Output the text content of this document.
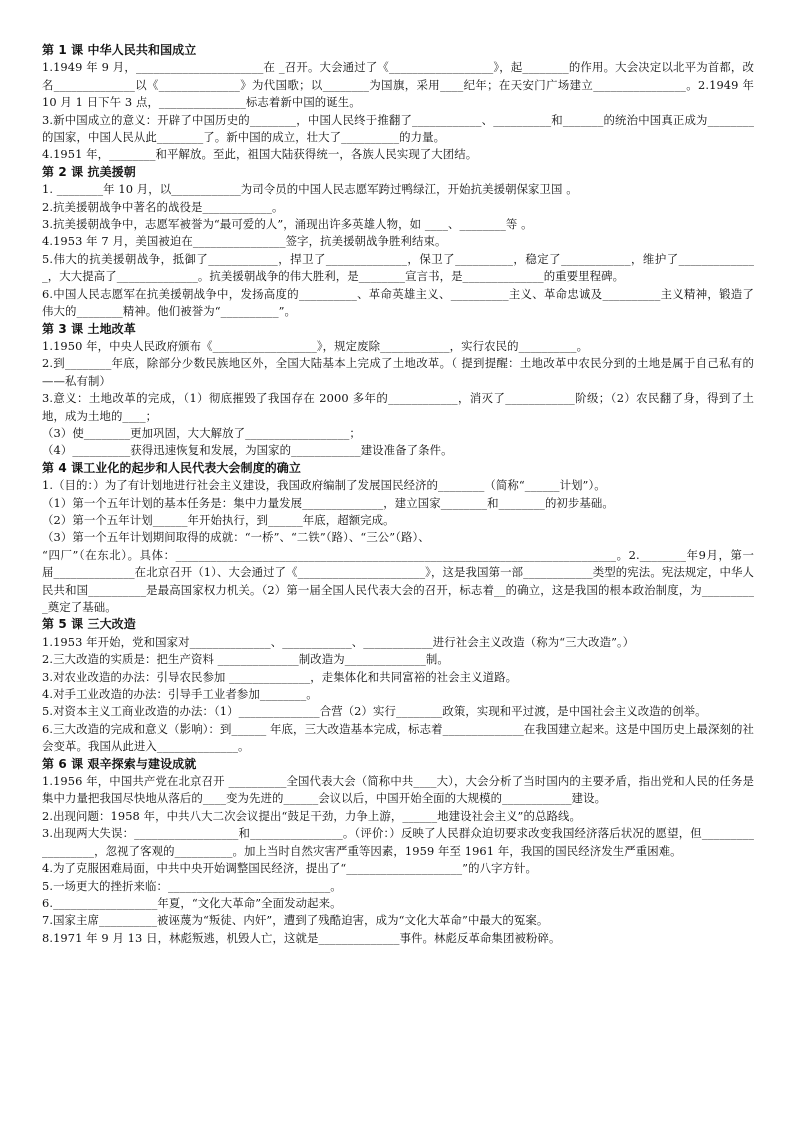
第 1 课 中华人民共和国成立

1.1949 年 9 月，______________________在 _召开。大会通过了《__________________》，起________的作用。大会决定以北平为首都，改名______________以《______________》为代国歌；以________为国旗，采用____纪年；在天安门广场建立________________。2.1949 年 10 月 1 日下午 3 点，_______________标志着新中国的诞生。

3.新中国成立的意义：开辟了中国历史的________，中国人民终于推翻了____________、__________和_______的统治中国真正成为________的国家，中国人民从此________了。新中国的成立，壮大了__________的力量。

4.1951 年，________和平解放。至此，祖国大陆获得统一，各族人民实现了大团结。

第 2 课 抗美援朝

1. ________年 10 月，以____________为司令员的中国人民志愿军跨过鸭绿江，开始抗美援朝保家卫国 。

2.抗美援朝战争中著名的战役是____________。

3.抗美援朝战争中，志愿军被誉为“最可爱的人”，涌现出许多英雄人物，如 ____、________等 。

4.1953 年 7 月，美国被迫在________________签字，抗美援朝战争胜利结束。

5.伟大的抗美援朝战争，抵御了____________，捍卫了______________，保卫了__________，稳定了____________，维护了______________，大大提高了______________。抗美援朝战争的伟大胜利，是________宣言书，是______________的重要里程碑。

6.中国人民志愿军在抗美援朝战争中，发扬高度的__________、革命英雄主义、__________主义、革命忠诚及__________主义精神，锻造了伟大的________精神。他们被誉为“__________”。

第 3 课 土地改革

1.1950 年，中央人民政府颁布《__________________》，规定废除____________，实行农民的__________。

2.到________年底，除部分少数民族地区外，全国大陆基本上完成了土地改革。（ 提到提醒：土地改革中农民分到的土地是属于自己私有的——私有制）

3.意义：土地改革的完成，（1）彻底摧毁了我国存在 2000 多年的____________，消灭了____________阶级；（2）农民翻了身，得到了土地，成为土地的____；

（3）使________更加巩固，大大解放了__________________；

（4）__________获得迅速恢复和发展，为国家的____________建设准备了条件。

第 4 课工业化的起步和人民代表大会制度的确立

1.（目的：）为了有计划地进行社会主义建设，我国政府编制了发展国民经济的________（简称“______计划”）。

（1）第一个五年计划的基本任务是：集中力量发展______________，建立国家________和________的初步基础。

（2）第一个五年计划______年开始执行，到______年底，超额完成。

（3）第一个五年计划期间取得的成就：“一桥”、“二铁”（路）、“三公”（路）、

“四厂”（在东北）。具体：____________________________________________________________________________。2.________年9月，第一届______________在北京召开（1）、大会通过了《______________________》，这是我国第一部____________类型的宪法。宪法规定，中华人民共和国__________是最高国家权力机关。（2）第一届全国人民代表大会的召开，标志着__的确立，这是我国的根本政治制度，为__________奠定了基础。

第 5 课 三大改造

1.1953 年开始，党和国家对______________、____________、____________进行社会主义改造（称为“三大改造”。）

2.三大改造的实质是：把生产资料 ______________制改造为______________制。

3.对农业改造的办法：引导农民参加 ______________，走集体化和共同富裕的社会主义道路。

4.对手工业改造的办法：引导手工业者参加________。

5.对资本主义工商业改造的办法：（1）______________合营（2）实行________政策，实现和平过渡，是中国社会主义改造的创举。

6.三大改造的完成和意义（影响）：到______ 年底，三大改造基本完成，标志着______________在我国建立起来。这是中国历史上最深刻的社会变革。我国从此进入______________。

第 6 课 艰辛探索与建设成就

1.1956 年，中国共产党在北京召开 __________全国代表大会（简称中共____大），大会分析了当时国内的主要矛盾，指出党和人民的任务是集中力量把我国尽快地从落后的____变为先进的______会议以后，中国开始全面的大规模的____________建设。

2.出现问题：1958 年，中共八大二次会议提出“鼓足干劲，力争上游，______地建设社会主义”的总路线。

3.出现两大失误：__________________和________________。（评价：）反映了人民群众迫切要求改变我国经济落后状况的愿望，但__________________，忽视了客观的__________。加上当时自然灾害严重等因素，1959 年至 1961 年，我国的国民经济发生严重困难。

4.为了克服困难局面，中共中央开始调整国民经济，提出了“____________________”的八字方针。

5.一场更大的挫折来临：____________________________。

6.__________________年夏，“文化大革命”全面发动起来。

7.国家主席__________被诬蔑为“叛徒、内奸”，遭到了残酷迫害，成为“文化大革命”中最大的冤案。

8.1971 年 9 月 13 日，林彪叛逃，机毁人亡，这就是______________事件。林彪反革命集团被粉碎。
